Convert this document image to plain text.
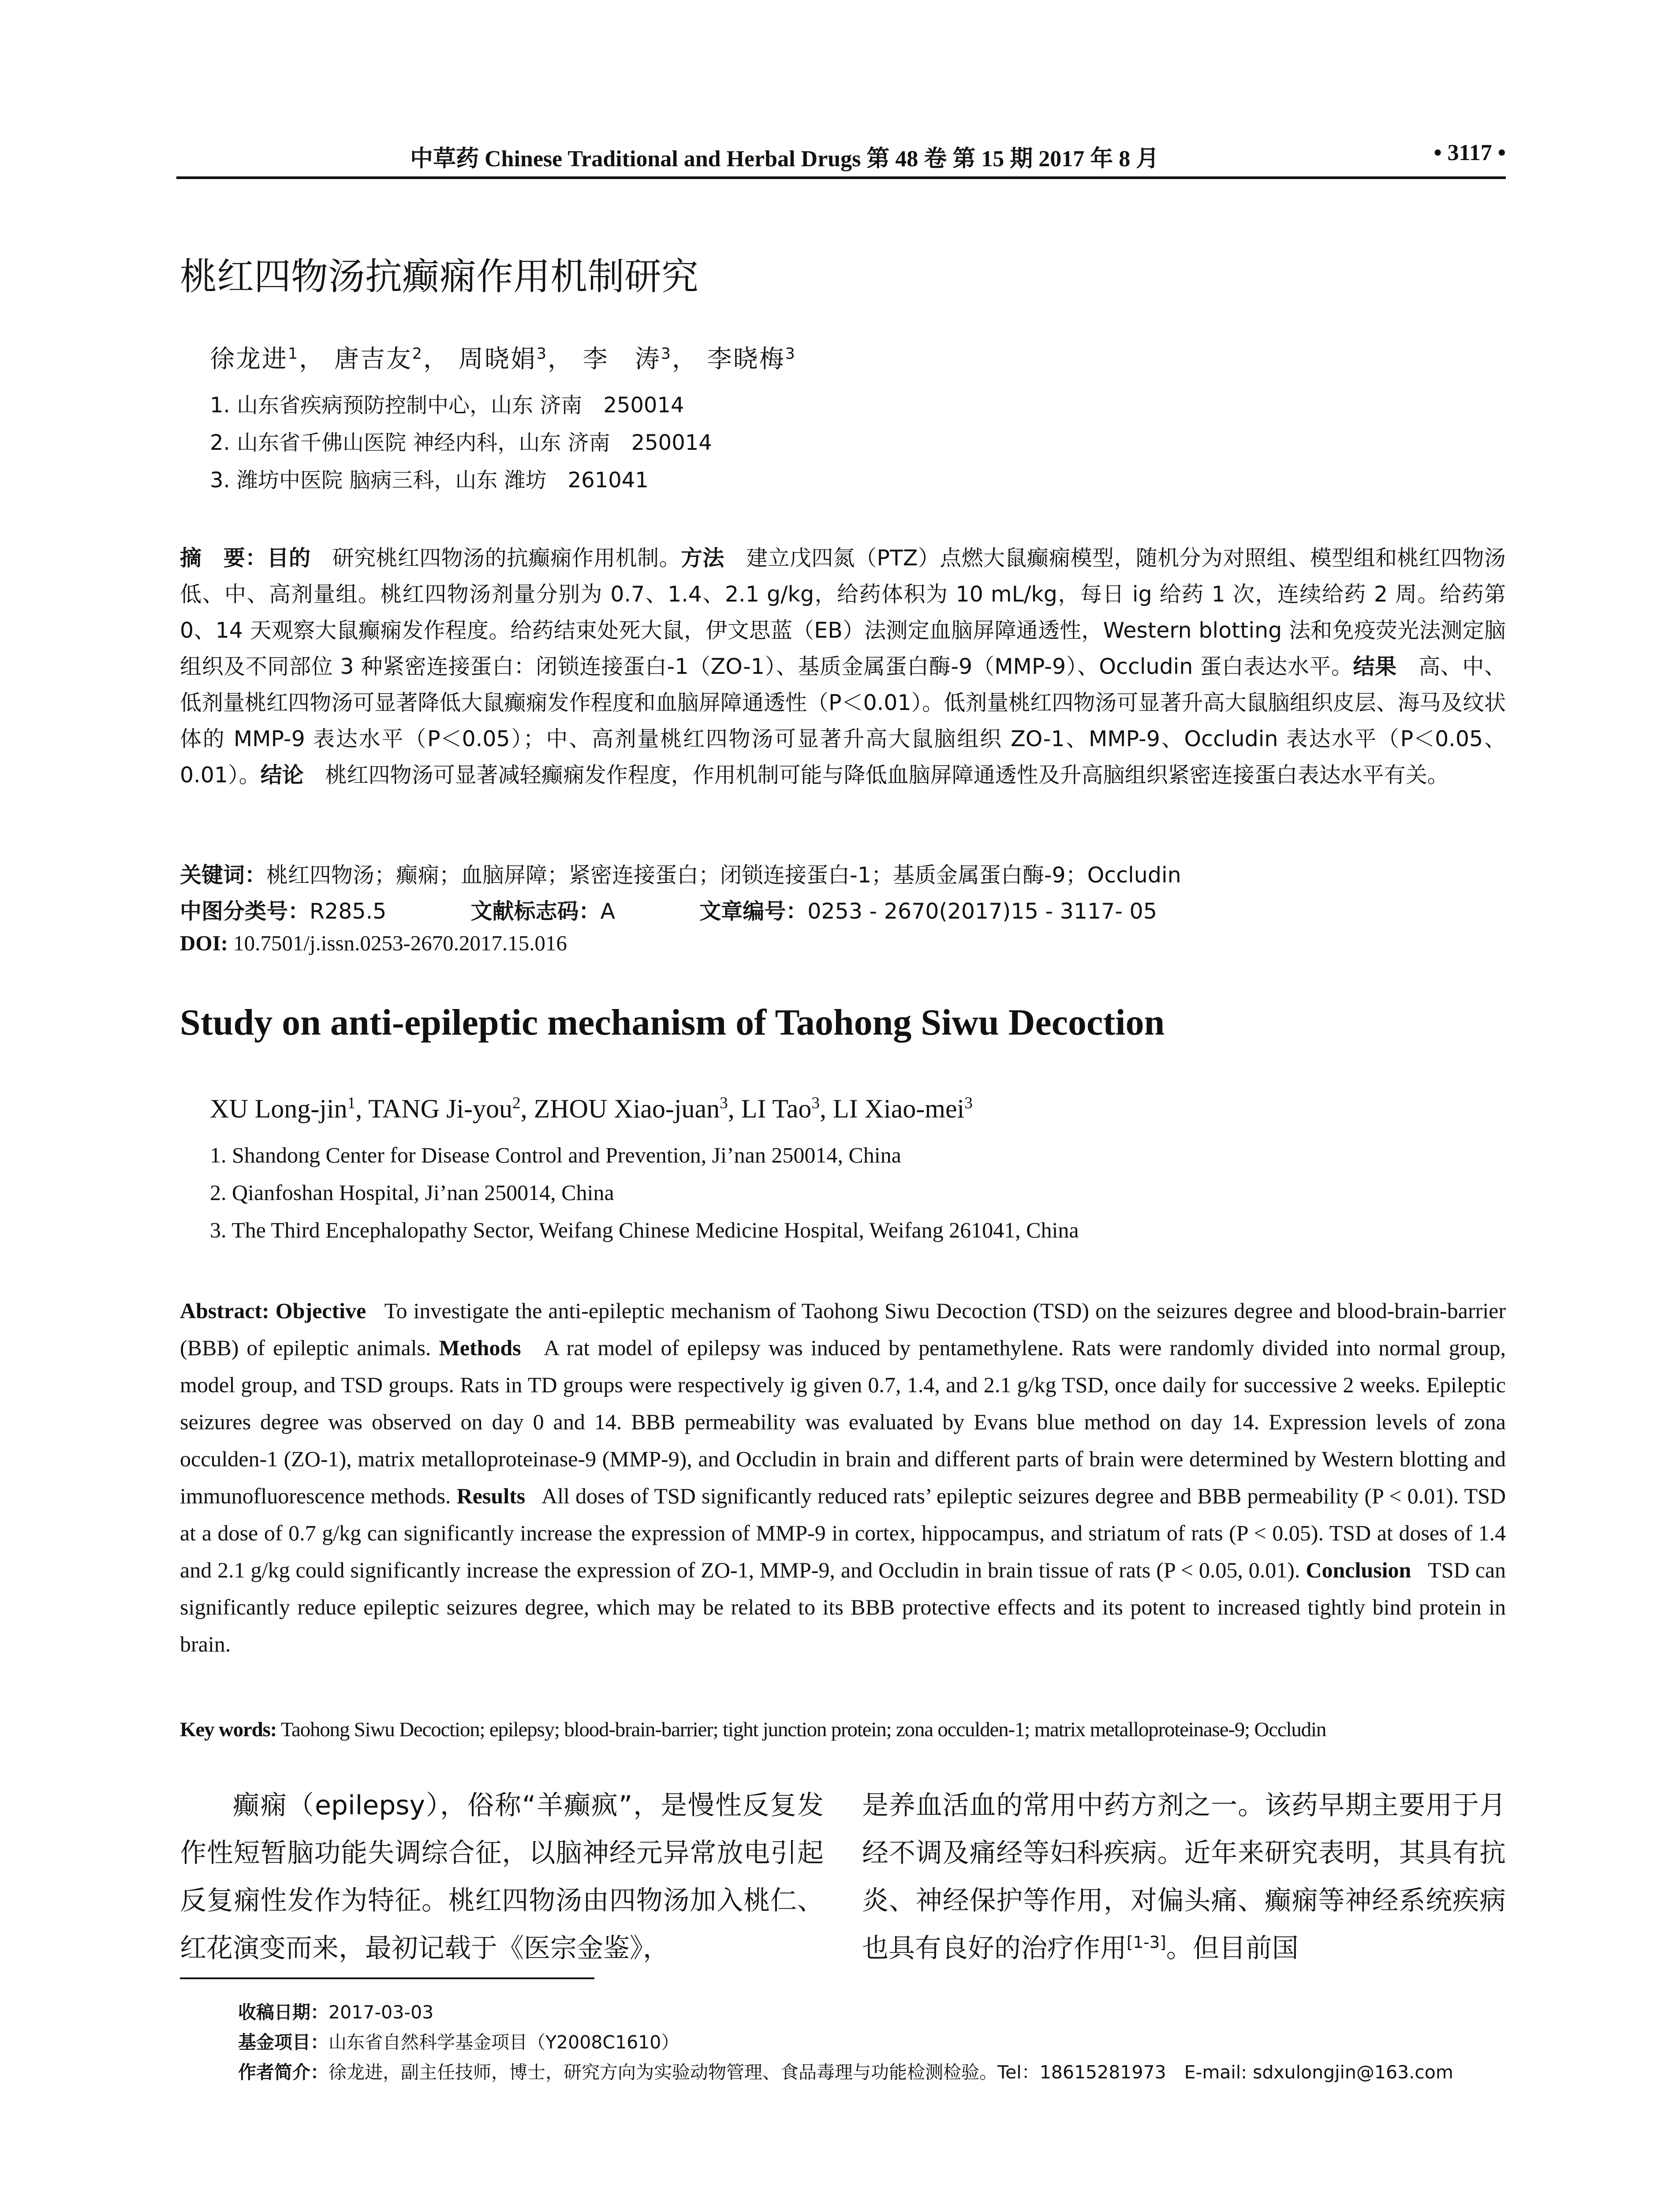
中草药 Chinese Traditional and Herbal Drugs 第 48 卷 第 15 期 2017 年 8 月	• 3117 •
桃红四物汤抗癫痫作用机制研究
徐龙进$^1$， 唐吉友$^2$， 周晓娟$^3$， 李　涛$^3$， 李晓梅$^3$
1. 山东省疾病预防控制中心，山东 济南　250014
2. 山东省千佛山医院 神经内科，山东 济南　250014
3. 潍坊中医院 脑病三科，山东 潍坊　261041
摘　要：目的　 研究桃红四物汤的抗癫痫作用机制。方法　 建立戊四氮（PTZ）点燃大鼠癫痫模型，随机分为对照组、模型组和桃红四物汤低、中、高剂量组。桃红四物汤剂量分别为 0.7、1.4、2.1 g/kg，给药体积为 10 mL/kg，每日 ig 给药 1 次，连续给药 2 周。给药第 0、14 天观察大鼠癫痫发作程度。给药结束处死大鼠，伊文思蓝（EB）法测定血脑屏障通透性，Western blotting 法和免疫荧光法测定脑组织及不同部位 3 种紧密连接蛋白：闭锁连接蛋白-1（ZO-1）、基质金属蛋白酶-9（MMP-9）、Occludin 蛋白表达水平。结果　 高、中、低剂量桃红四物汤可显著降低大鼠癫痫发作程度和血脑屏障通透性（P＜0.01）。低剂量桃红四物汤可显著升高大鼠脑组织皮层、海马及纹状体的 MMP-9 表达水平（P＜0.05）；中、高剂量桃红四物汤可显著升高大鼠脑组织 ZO-1、MMP-9、Occludin 表达水平（P＜0.05、0.01）。结论　 桃红四物汤可显著减轻癫痫发作程度，作用机制可能与降低血脑屏障通透性及升高脑组织紧密连接蛋白表达水平有关。
关键词：桃红四物汤；癫痫；血脑屏障；紧密连接蛋白；闭锁连接蛋白-1；基质金属蛋白酶-9；Occludin
中图分类号：R285.5	文献标志码：A	文章编号：0253 - 2670(2017)15 - 3117- 05
DOI: 10.7501/j.issn.0253-2670.2017.15.016
Study on anti-epileptic mechanism of Taohong Siwu Decoction
XU Long-jin$^1$, TANG Ji-you$^2$, ZHOU Xiao-juan$^3$, LI Tao$^3$, LI Xiao-mei$^3$
1. Shandong Center for Disease Control and Prevention, Ji’nan 250014, China
2. Qianfoshan Hospital, Ji’nan 250014, China
3. The Third Encephalopathy Sector, Weifang Chinese Medicine Hospital, Weifang 261041, China
Abstract: Objective To investigate the anti-epileptic mechanism of Taohong Siwu Decoction (TSD) on the seizures degree and blood-brain-barrier (BBB) of epileptic animals. Methods A rat model of epilepsy was induced by pentamethylene. Rats were randomly divided into normal group, model group, and TSD groups. Rats in TD groups were respectively ig given 0.7, 1.4, and 2.1 g/kg TSD, once daily for successive 2 weeks. Epileptic seizures degree was observed on day 0 and 14. BBB permeability was evaluated by Evans blue method on day 14. Expression levels of zona occulden-1 (ZO-1), matrix metalloproteinase-9 (MMP-9), and Occludin in brain and different parts of brain were determined by Western blotting and immunofluorescence methods. Results All doses of TSD significantly reduced rats’ epileptic seizures degree and BBB permeability (P < 0.01). TSD at a dose of 0.7 g/kg can significantly increase the expression of MMP-9 in cortex, hippocampus, and striatum of rats (P < 0.05). TSD at doses of 1.4 and 2.1 g/kg could significantly increase the expression of ZO-1, MMP-9, and Occludin in brain tissue of rats (P < 0.05, 0.01). Conclusion TSD can significantly reduce epileptic seizures degree, which may be related to its BBB protective effects and its potent to increased tightly bind protein in brain.
Key words: Taohong Siwu Decoction; epilepsy; blood-brain-barrier; tight junction protein; zona occulden-1; matrix metalloproteinase-9; Occludin
癫痫（epilepsy），俗称“羊癫疯”，是慢性反复发作性短暂脑功能失调综合征，以脑神经元异常放电引起反复痫性发作为特征。桃红四物汤由四物汤加入桃仁、红花演变而来，最初记载于《医宗金鉴》，
是养血活血的常用中药方剂之一。该药早期主要用于月经不调及痛经等妇科疾病。近年来研究表明，其具有抗炎、神经保护等作用，对偏头痛、癫痫等神经系统疾病也具有良好的治疗作用[1-3]。但目前国
收稿日期：2017-03-03
基金项目：山东省自然科学基金项目（Y2008C1610）
作者简介：徐龙进，副主任技师，博士，研究方向为实验动物管理、食品毒理与功能检测检验。Tel：18615281973　E-mail: sdxulongjin@163.com
